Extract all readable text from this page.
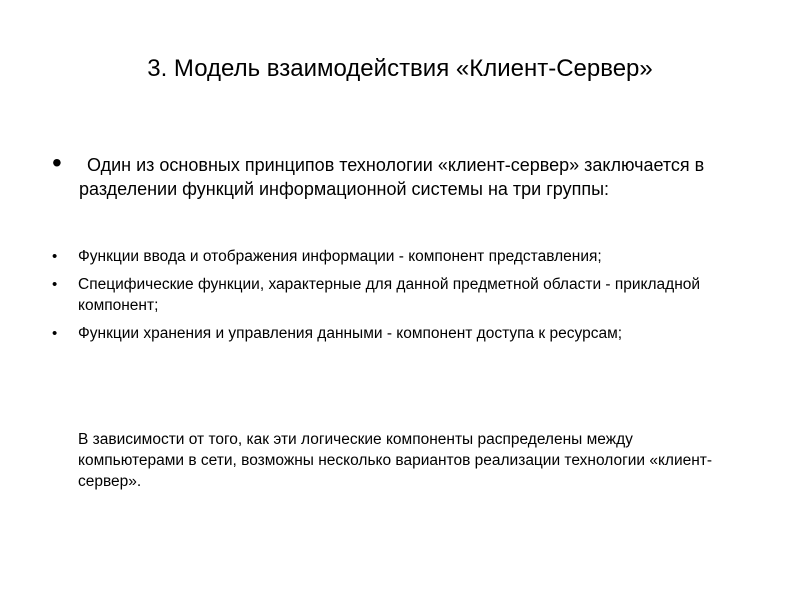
3. Модель взаимодействия «Клиент-Сервер»
•	Один из основных принципов технологии «клиент-сервер» заключается в разделении функций информационной системы на три группы:

• Функции ввода и отображения информации - компонент представления;
• Специфические функции, характерные для данной предметной области - прикладной компонент;
• Функции хранения и управления данными - компонент доступа к ресурсам;

В зависимости от того, как эти логические компоненты распределены между компьютерами в сети, возможны несколько вариантов реализации технологии «клиент-сервер».
